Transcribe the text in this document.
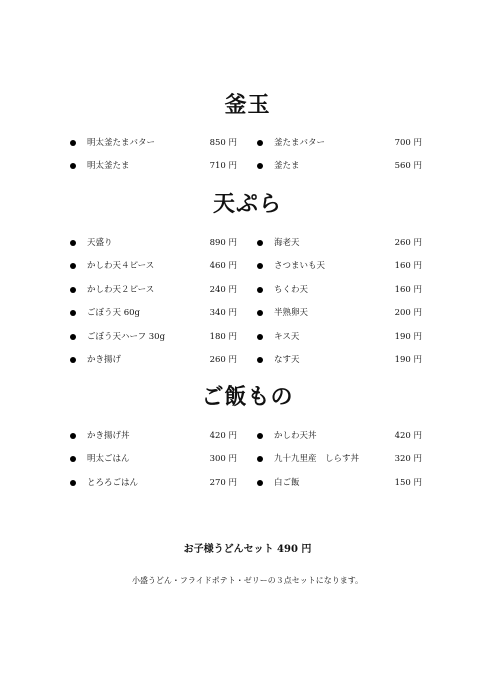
釜玉
明太釜たまバター	850 円	釜たまバター	700 円
明太釜たま	710 円	釜たま	560 円
天ぷら
天盛り	890 円	海老天	260 円
かしわ天４ピース	460 円	さつまいも天	160 円
かしわ天２ピース	240 円	ちくわ天	160 円
ごぼう天 60g	340 円	半熟卵天	200 円
ごぼう天ハーフ 30g	180 円	キス天	190 円
かき揚げ	260 円	なす天	190 円
ご飯もの
かき揚げ丼	420 円	かしわ天丼	420 円
明太ごはん	300 円	九十九里産　しらす丼	320 円
とろろごはん	270 円	白ご飯	150 円

お子様うどんセット 490 円

小盛うどん・フライドポテト・ゼリーの３点セットになります。
